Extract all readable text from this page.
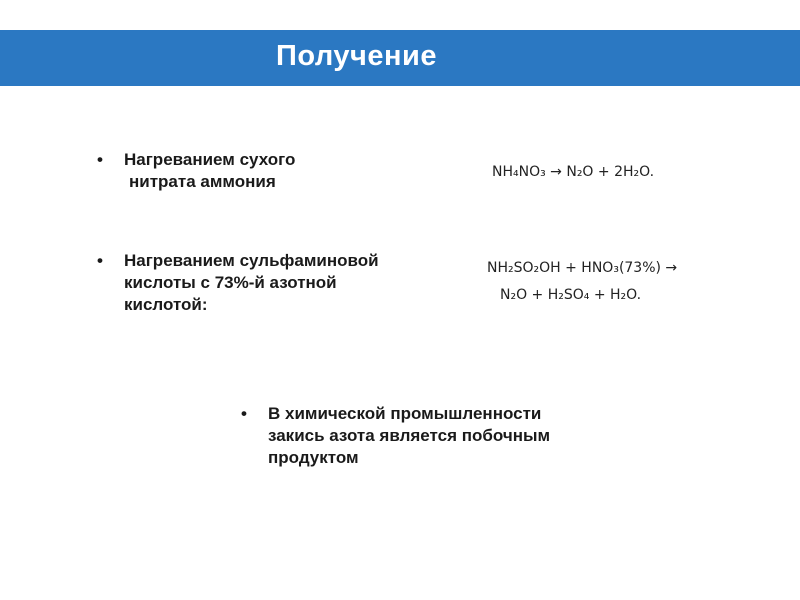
Получение
• Нагреванием сухого
нитрата аммония	NH₄NO₃ → N₂O + 2H₂O.
• Нагреванием сульфаминовой
кислоты с 73%-й азотной
кислотой:
NH₂SO₂OH + HNO₃(73%) →
N₂O + H₂SO₄ + H₂O.
• В химической промышленности
закись азота является побочным
продуктом
